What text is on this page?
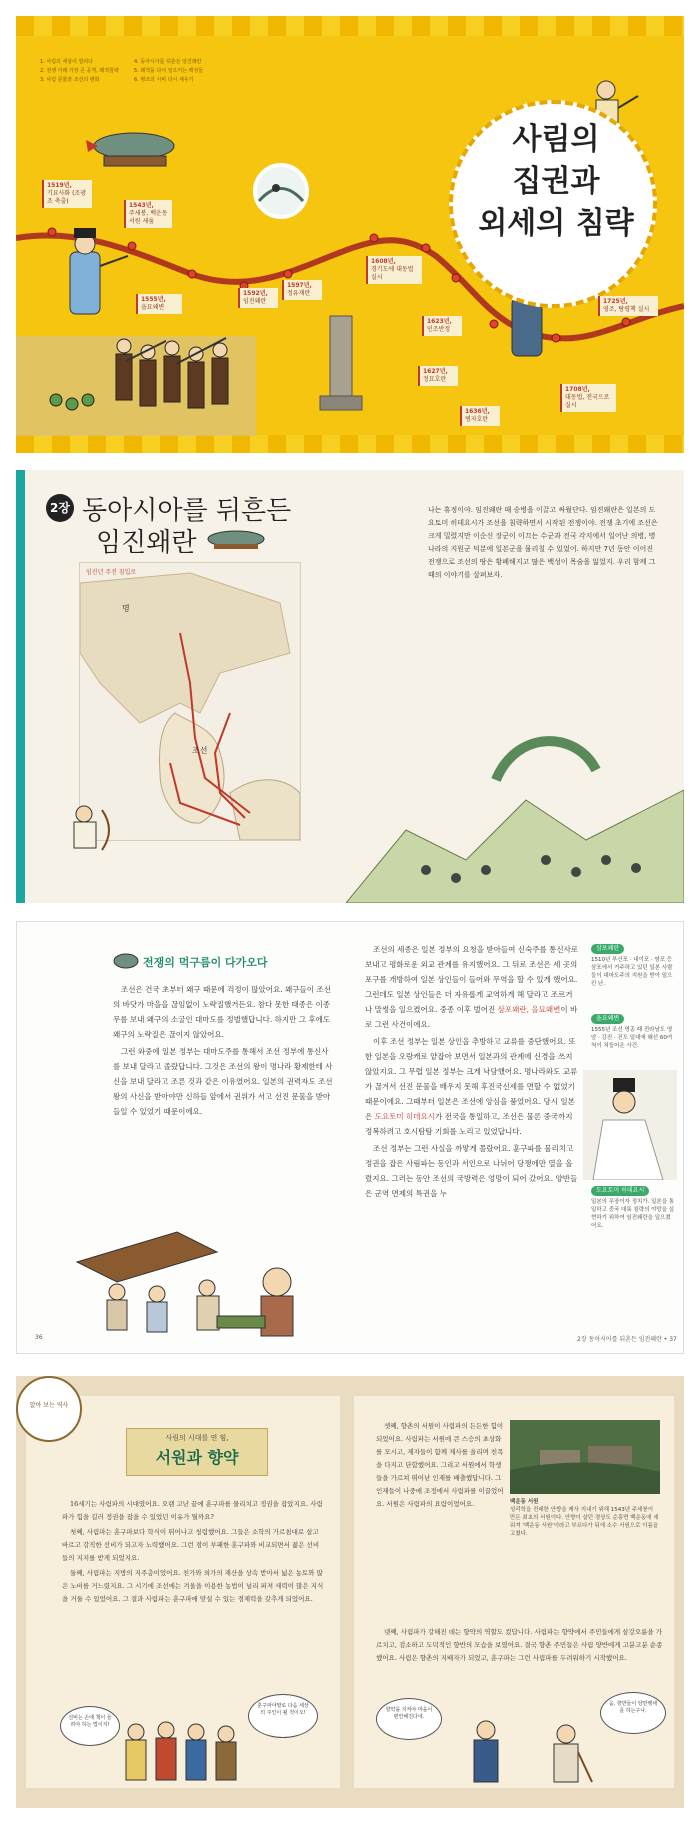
1. 사림의 세상이 열리다
2. 전쟁 이래 가장 큰 공격, 왜적침략
3. 사림 문물과 조선의 변화
4. 동아시아를 뒤흔든 임진왜란
5. 왜적을 다시 일으키는 백성들
6. 병조의 시비 다시 세우기
사림의
집권과
외세의 침략
1519년,
기묘사화 (조광조 축출)
1543년,
주세붕, 백운동 서원 세움
1555년,
을묘왜변
1592년,
임진왜란
1597년,
정유재란
1608년,
경기도에 대동법 실시
1623년,
인조반정
1627년,
정묘호란
1636년,
병자호란
1708년,
대동법, 전국으로 실시
1725년,
영조, 탕평책 실시
2장 동아시아를 뒤흔든
임진왜란
임진년 주진 침입로
명
조선
나는 휴정이야. 임진왜란 때 승병을 이끌고 싸웠단다. 임진왜란은 일본의 도요토미 히데요시가 조선을 침략하면서 시작된 전쟁이야. 전쟁 초기에 조선은 크게 밀렸지만 이순신 장군이 이끄는 수군과 전국 각지에서 일어난 의병, 명나라의 지원군 덕분에 일본군을 물리칠 수 있었어. 하지만 7년 동안 이어진 전쟁으로 조선의 땅은 황폐해지고 많은 백성이 목숨을 잃었지. 우리 함께 그때의 이야기를 살펴보자.
전쟁의 먹구름이 다가오다

조선은 건국 초부터 왜구 때문에 걱정이 많았어요. 왜구들이 조선의 바닷가 마을을 끊임없이 노략질했거든요. 참다 못한 태종은 이종무를 보내 왜구의 소굴인 대마도를 정벌했답니다. 하지만 그 후에도 왜구의 노략질은 끊이지 않았어요.

그런 와중에 일본 정부는 대마도주를 통해서 조선 정부에 통신사를 보내 달라고 졸랐답니다. 그것은 조선의 왕이 명나라 황제한테 사신을 보내 달라고 조른 것과 같은 이유였어요. 일본의 권력자도 조선 왕의 사신을 받아야만 신하들 앞에서 권위가 서고 선진 문물을 받아들일 수 있었기 때문이에요.

36

조선의 세종은 일본 정부의 요청을 받아들여 신숙주를 통신사로 보내고 평화로운 외교 관계를 유지했어요. 그 뒤로 조선은 세 곳의 포구를 개방하여 일본 상인들이 들어와 무역을 할 수 있게 했어요. 그런데도 일본 상인들은 더 자유롭게 교역하게 해 달라고 조르거나 말썽을 일으켰어요. 중종 이후 벌어진 삼포왜란, 을묘왜변이 바로 그런 사건이에요.

이후 조선 정부는 일본 상인을 추방하고 교류를 중단했어요. 또한 일본을 오랑캐로 얕잡아 보면서 일본과의 관계에 신경을 쓰지 않았지요. 그 무렵 일본 정부는 크게 낙담했어요. 명나라와도 교류가 끊겨서 선진 문물을 배우지 못해 후진국신세를 면할 수 없었기 때문이에요. 그때부터 일본은 조선에 앙심을 품었어요. 당시 일본은 도요토미 히데요시가 전국을 통일하고, 조선은 물론 중국까지 정복하려고 호시탐탐 기회를 노리고 있었답니다.

조선 정부는 그런 사실을 까맣게 몰랐어요. 훈구파를 물리치고 정권을 잡은 사림파는 동인과 서인으로 나뉘어 당쟁에만 열을 올렸지요. 그러는 동안 조선의 국방력은 엉망이 되어 갔어요. 양반들은 군역 면제의 특권을 누

삼포왜란
1510년 부산포 · 내이포 · 염포 등 삼포에서 거주하고 있던 일본 사람들이 대마도주의 지원을 받아 일으킨 난.
을묘왜변
1555년 조선 명종 때 전라남도 영암 · 강진 · 진도 일대에 왜선 60여 척이 쳐들어온 사건.
도요토미 히데요시
일본의 무장이자 정치가. 일본을 통일하고 중국 대륙 침략의 야망을 실현하기 위하여 임진왜란을 일으켰어요.
2장 동아시아를 뒤흔든 임진왜란 • 37
알아 보는 역사
사림의 시대를 연 힘,
서원과 향약

16세기는 사림파의 시대였어요. 오랜 고난 끝에 훈구파를 물리치고 정권을 잡았지요. 사림파가 힘을 길러 정권을 잡을 수 있었던 이유가 뭘까요?

첫째, 사림파는 훈구파보다 학식이 뛰어나고 청렴했어요. 그들은 소학의 가르침대로 살고 바르고 강직한 선비가 되고자 노력했어요. 그런 점이 부패한 훈구파와 비교되면서 젊은 선비들의 지지를 받게 되었지요.

둘째, 사림파는 지방의 지주층이었어요. 친가와 외가의 재산을 상속 받아서 넓은 농토와 많은 노비를 거느렸지요. 그 시기에 조선에는 겨울을 이용한 농법이 널리 퍼져 세력이 많은 지식을 거둘 수 있었어요. 그 결과 사림파는 훈구파에 맞설 수 있는 경제력을 갖추게 되었어요.

선비는 손에 책이 들려야 하는 법이지!
훈구파야말로 다음 세상의 주인이 될 것이오!

셋째, 향촌의 서원이 사림파의 든든한 힘이 되었어요. 사림파는 서원에 큰 스승의 초상화를 모시고, 제자들이 함께 제사를 올리며 친목을 다지고 단합했어요. 그리고 서원에서 학생들을 가르쳐 뛰어난 인재를 배출했답니다. 그 인재들이 나중에 조정에서 사림파를 이끌었어요. 서원은 사림파의 요람이었어요.	백운동 서원
성리학을 전래한 안향을 제사 지내기 위해 1543년 주세붕이 만든 최초의 서원이다. 안향이 살던 경상도 순흥면 백운동에 세워져 '백운동 서원'이라고 부르다가 뒤에 소수 서원으로 이름을 고쳤다.

넷째, 사림파가 강해진 데는 향약의 역할도 컸답니다. 사림파는 향약에서 주민들에게 삼강오륜을 가르치고, 검소하고 도덕적인 향반의 모습을 보였어요. 결국 향촌 주민들은 사림 양반에게 고분고분 순종했어요. 사림은 향촌의 지배자가 되었고, 훈구파는 그런 사림파를 두려워하기 시작했어요.

향약을 지켜야 마을이 편안해진다네.
음, 향반들이 양반행세를 하는구나.
